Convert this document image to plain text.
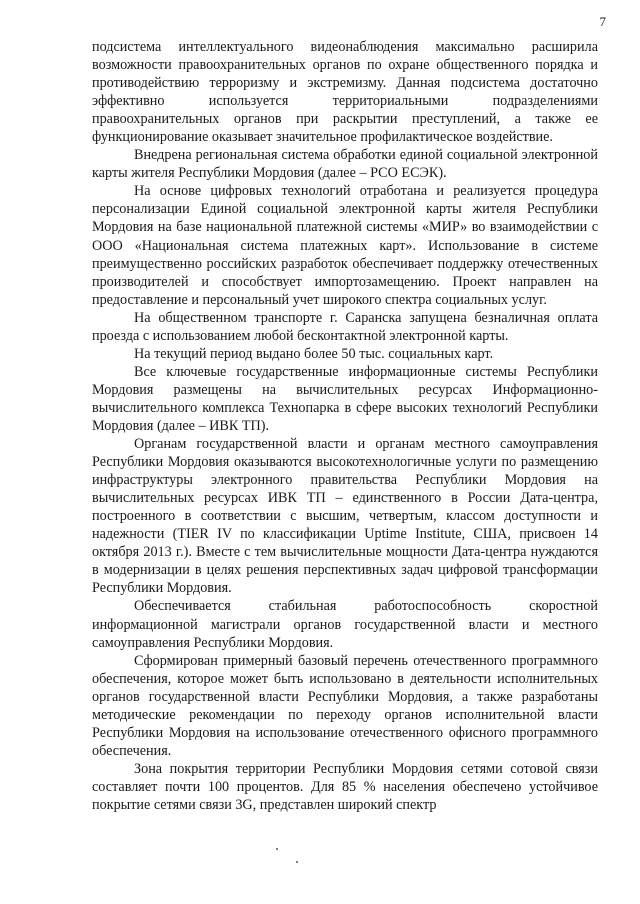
7

подсистема интеллектуального видеонаблюдения максимально расширила возможности правоохранительных органов по охране общественного порядка и противодействию терроризму и экстремизму. Данная подсистема достаточно эффективно используется территориальными подразделениями правоохранительных органов при раскрытии преступлений, а также ее функционирование оказывает значительное профилактическое воздействие.

Внедрена региональная система обработки единой социальной электронной карты жителя Республики Мордовия (далее – РСО ЕСЭК).

На основе цифровых технологий отработана и реализуется процедура персонализации Единой социальной электронной карты жителя Республики Мордовия на базе национальной платежной системы «МИР» во взаимодействии с ООО «Национальная система платежных карт». Использование в системе преимущественно российских разработок обеспечивает поддержку отечественных производителей и способствует импортозамещению. Проект направлен на предоставление и персональный учет широкого спектра социальных услуг.

На общественном транспорте г. Саранска запущена безналичная оплата проезда с использованием любой бесконтактной электронной карты.

На текущий период выдано более 50 тыс. социальных карт.

Все ключевые государственные информационные системы Республики Мордовия размещены на вычислительных ресурсах Информационно-вычислительного комплекса Технопарка в сфере высоких технологий Республики Мордовия (далее – ИВК ТП).

Органам государственной власти и органам местного самоуправления Республики Мордовия оказываются высокотехнологичные услуги по размещению инфраструктуры электронного правительства Республики Мордовия на вычислительных ресурсах ИВК ТП – единственного в России Дата-центра, построенного в соответствии с высшим, четвертым, классом доступности и надежности (TIER IV по классификации Uptime Institute, США, присвоен 14 октября 2013 г.). Вместе с тем вычислительные мощности Дата-центра нуждаются в модернизации в целях решения перспективных задач цифровой трансформации Республики Мордовия.

Обеспечивается стабильная работоспособность скоростной информационной магистрали органов государственной власти и местного самоуправления Республики Мордовия.

Сформирован примерный базовый перечень отечественного программного обеспечения, которое может быть использовано в деятельности исполнительных органов государственной власти Республики Мордовия, а также разработаны методические рекомендации по переходу органов исполнительной власти Республики Мордовия на использование отечественного офисного программного обеспечения.

Зона покрытия территории Республики Мордовия сетями сотовой связи составляет почти 100 процентов. Для 85 % населения обеспечено устойчивое покрытие сетями связи 3G, представлен широкий спектр
